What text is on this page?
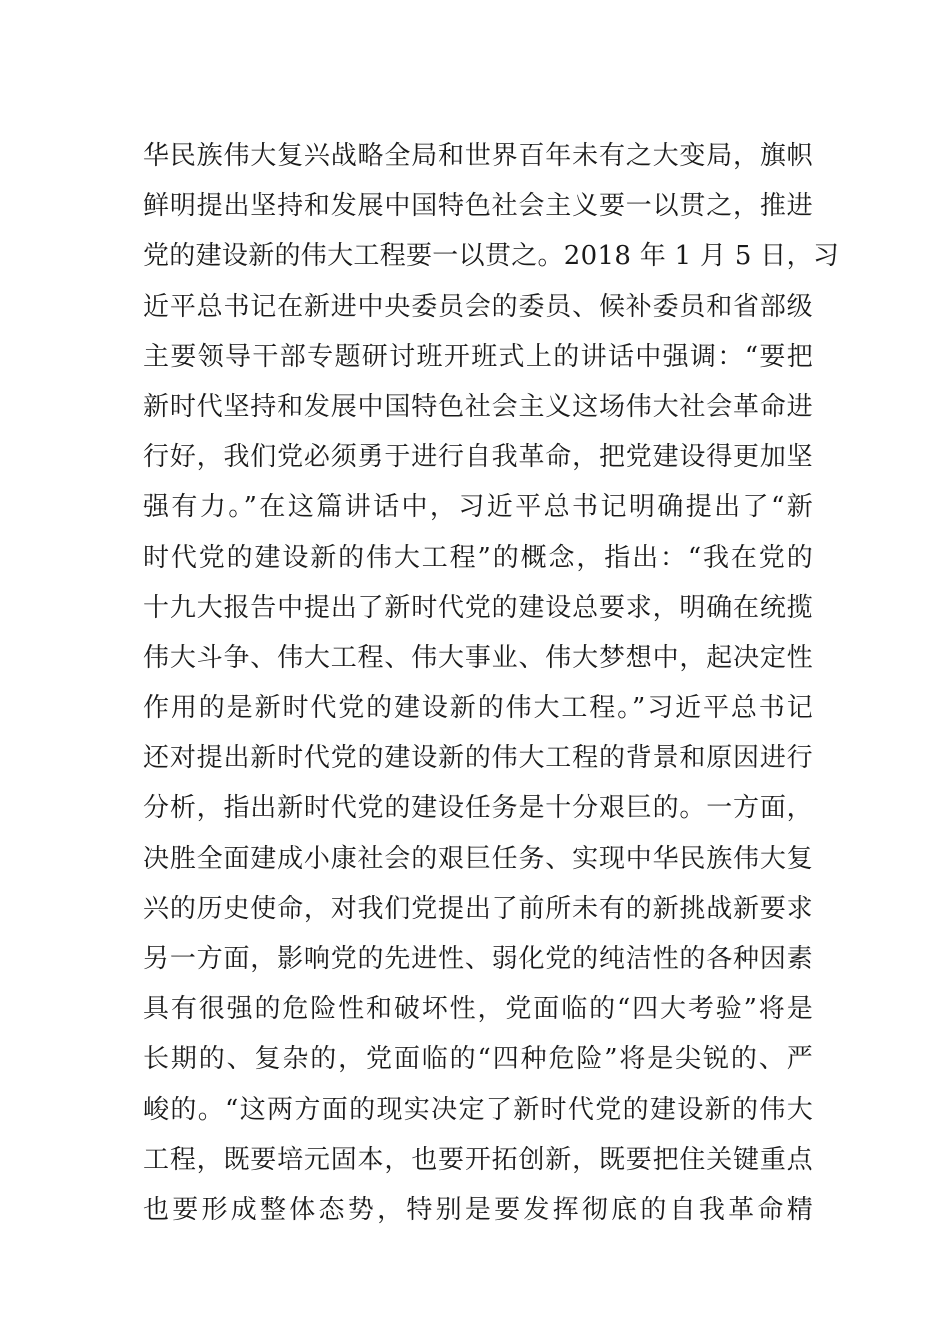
华民族伟大复兴战略全局和世界百年未有之大变局，旗帜
鲜明提出坚持和发展中国特色社会主义要一以贯之，推进
党的建设新的伟大工程要一以贯之。2018 年 1 月 5 日，习
近平总书记在新进中央委员会的委员、候补委员和省部级
主要领导干部专题研讨班开班式上的讲话中强调：“要把
新时代坚持和发展中国特色社会主义这场伟大社会革命进
行好，我们党必须勇于进行自我革命，把党建设得更加坚
强有力。”在这篇讲话中，习近平总书记明确提出了“新
时代党的建设新的伟大工程”的概念，指出：“我在党的
十九大报告中提出了新时代党的建设总要求，明确在统揽
伟大斗争、伟大工程、伟大事业、伟大梦想中，起决定性
作用的是新时代党的建设新的伟大工程。”习近平总书记
还对提出新时代党的建设新的伟大工程的背景和原因进行
分析，指出新时代党的建设任务是十分艰巨的。一方面，
决胜全面建成小康社会的艰巨任务、实现中华民族伟大复
兴的历史使命，对我们党提出了前所未有的新挑战新要求
另一方面，影响党的先进性、弱化党的纯洁性的各种因素
具有很强的危险性和破坏性，党面临的“四大考验”将是
长期的、复杂的，党面临的“四种危险”将是尖锐的、严
峻的。“这两方面的现实决定了新时代党的建设新的伟大
工程，既要培元固本，也要开拓创新，既要把住关键重点
也要形成整体态势，特别是要发挥彻底的自我革命精
